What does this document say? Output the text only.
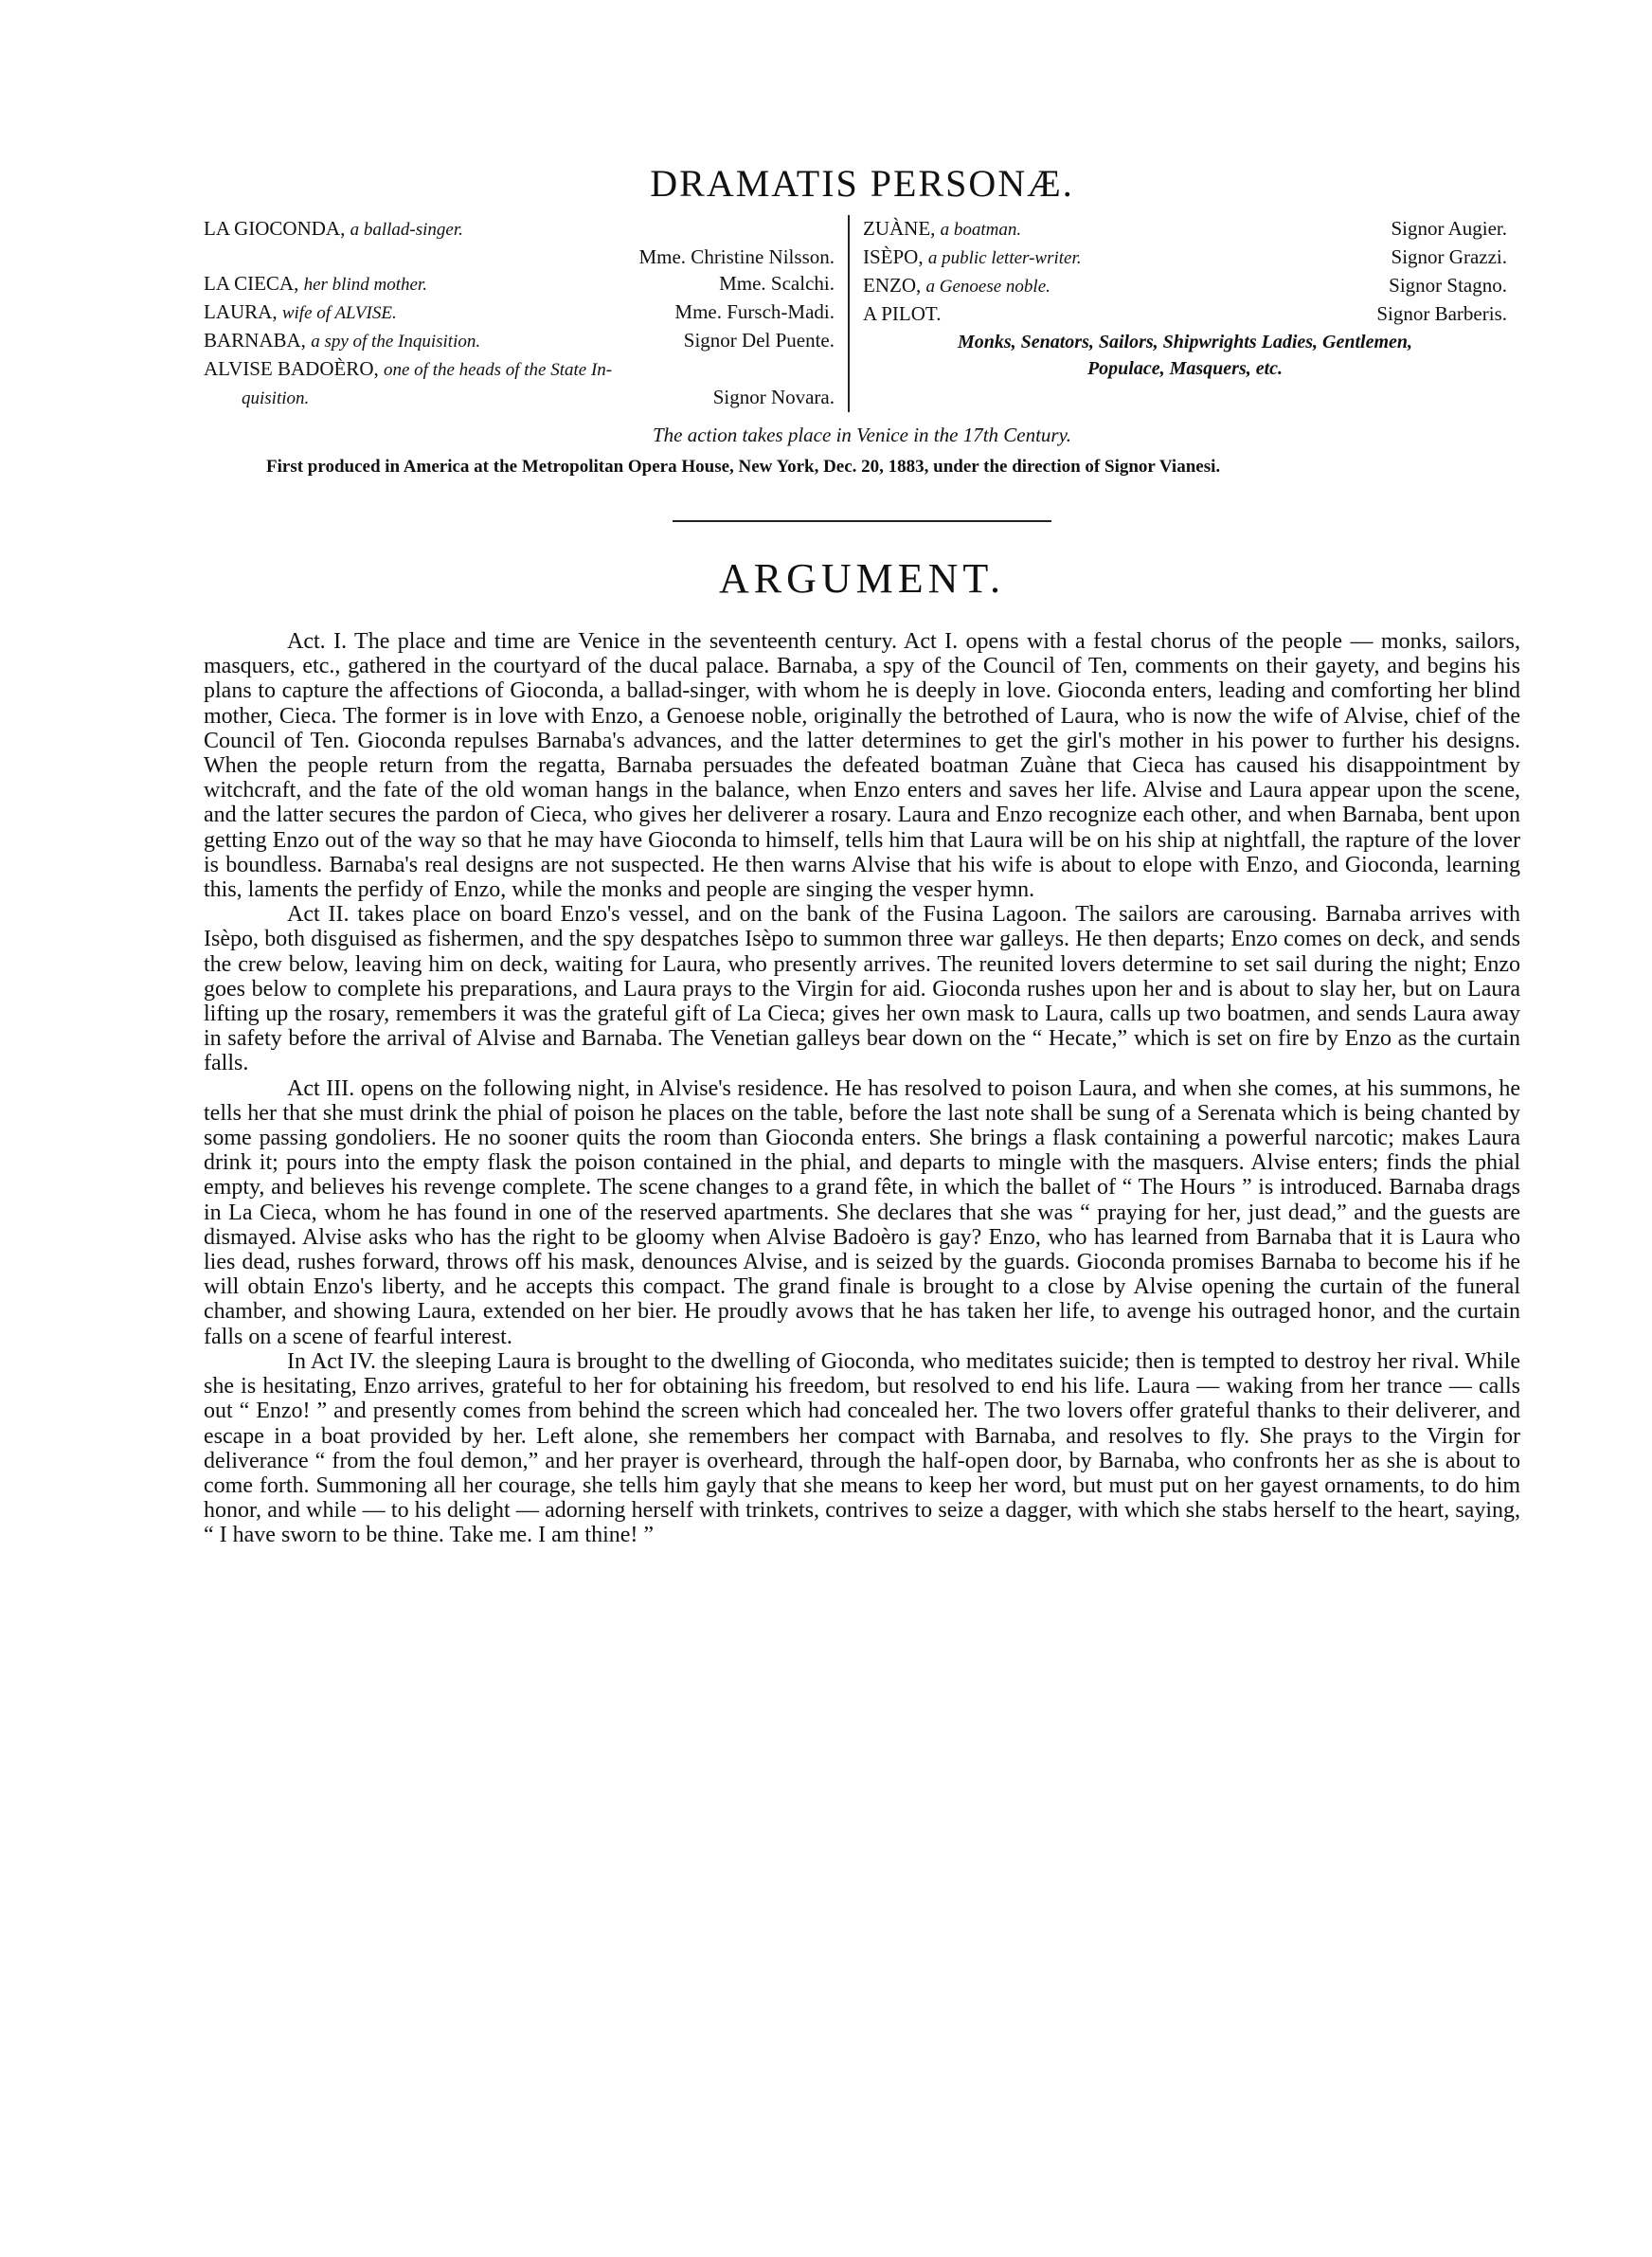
DRAMATIS PERSONÆ.
LA GIOCONDA, a ballad-singer.
Mme. Christine Nilsson.
LA CIECA, her blind mother.	Mme. Scalchi.
LAURA, wife of ALVISE.	Mme. Fursch-Madi.
BARNABA, a spy of the Inquisition.	Signor Del Puente.
ALVISE BADOÈRO, one of the heads of the State In-
quisition.	Signor Novara.
ZUÀNE, a boatman.	Signor Augier.
ISÈPO, a public letter-writer.	Signor Grazzi.
ENZO, a Genoese noble.	Signor Stagno.
A PILOT.	Signor Barberis.
Monks, Senators, Sailors, Shipwrights Ladies, Gentlemen,
Populace, Masquers, etc.
The action takes place in Venice in the 17th Century.
First produced in America at the Metropolitan Opera House, New York, Dec. 20, 1883, under the direction of Signor Vianesi.
ARGUMENT.

Act. I. The place and time are Venice in the seventeenth century. Act I. opens with a festal chorus of the people — monks, sailors, masquers, etc., gathered in the courtyard of the ducal palace. Barnaba, a spy of the Council of Ten, comments on their gayety, and begins his plans to capture the affections of Gioconda, a ballad-singer, with whom he is deeply in love. Gioconda enters, leading and comforting her blind mother, Cieca. The former is in love with Enzo, a Genoese noble, originally the betrothed of Laura, who is now the wife of Alvise, chief of the Council of Ten. Gioconda repulses Barnaba's advances, and the latter determines to get the girl's mother in his power to further his designs. When the people return from the regatta, Barnaba persuades the defeated boatman Zuàne that Cieca has caused his disappointment by witchcraft, and the fate of the old woman hangs in the balance, when Enzo enters and saves her life. Alvise and Laura appear upon the scene, and the latter secures the pardon of Cieca, who gives her deliverer a rosary. Laura and Enzo recognize each other, and when Barnaba, bent upon getting Enzo out of the way so that he may have Gioconda to himself, tells him that Laura will be on his ship at nightfall, the rapture of the lover is boundless. Barnaba's real designs are not suspected. He then warns Alvise that his wife is about to elope with Enzo, and Gioconda, learning this, laments the perfidy of Enzo, while the monks and people are singing the vesper hymn.

Act II. takes place on board Enzo's vessel, and on the bank of the Fusina Lagoon. The sailors are carousing. Barnaba arrives with Isèpo, both disguised as fishermen, and the spy despatches Isèpo to summon three war galleys. He then departs; Enzo comes on deck, and sends the crew below, leaving him on deck, waiting for Laura, who presently arrives. The reunited lovers determine to set sail during the night; Enzo goes below to complete his preparations, and Laura prays to the Virgin for aid. Gioconda rushes upon her and is about to slay her, but on Laura lifting up the rosary, remembers it was the grateful gift of La Cieca; gives her own mask to Laura, calls up two boatmen, and sends Laura away in safety before the arrival of Alvise and Barnaba. The Venetian galleys bear down on the “ Hecate,” which is set on fire by Enzo as the curtain falls.

Act III. opens on the following night, in Alvise's residence. He has resolved to poison Laura, and when she comes, at his summons, he tells her that she must drink the phial of poison he places on the table, before the last note shall be sung of a Serenata which is being chanted by some passing gondoliers. He no sooner quits the room than Gioconda enters. She brings a flask containing a powerful narcotic; makes Laura drink it; pours into the empty flask the poison contained in the phial, and departs to mingle with the masquers. Alvise enters; finds the phial empty, and believes his revenge complete. The scene changes to a grand fête, in which the ballet of “ The Hours ” is introduced. Barnaba drags in La Cieca, whom he has found in one of the reserved apartments. She declares that she was “ praying for her, just dead,” and the guests are dismayed. Alvise asks who has the right to be gloomy when Alvise Badoèro is gay? Enzo, who has learned from Barnaba that it is Laura who lies dead, rushes forward, throws off his mask, denounces Alvise, and is seized by the guards. Gioconda promises Barnaba to become his if he will obtain Enzo's liberty, and he accepts this compact. The grand finale is brought to a close by Alvise opening the curtain of the funeral chamber, and showing Laura, extended on her bier. He proudly avows that he has taken her life, to avenge his outraged honor, and the curtain falls on a scene of fearful interest.

In Act IV. the sleeping Laura is brought to the dwelling of Gioconda, who meditates suicide; then is tempted to destroy her rival. While she is hesitating, Enzo arrives, grateful to her for obtaining his freedom, but resolved to end his life. Laura — waking from her trance — calls out “ Enzo! ” and presently comes from behind the screen which had concealed her. The two lovers offer grateful thanks to their deliverer, and escape in a boat provided by her. Left alone, she remembers her compact with Barnaba, and resolves to fly. She prays to the Virgin for deliverance “ from the foul demon,” and her prayer is overheard, through the half-open door, by Barnaba, who confronts her as she is about to come forth. Summoning all her courage, she tells him gayly that she means to keep her word, but must put on her gayest ornaments, to do him honor, and while — to his delight — adorning herself with trinkets, contrives to seize a dagger, with which she stabs herself to the heart, saying, “ I have sworn to be thine. Take me. I am thine! ”
